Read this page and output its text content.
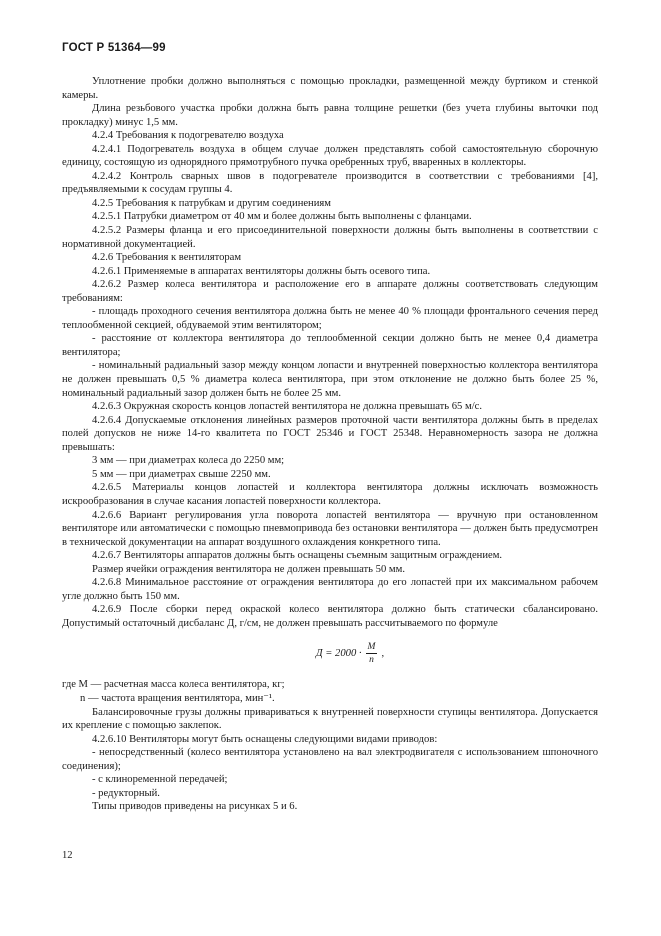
ГОСТ Р 51364—99

Уплотнение пробки должно выполняться с помощью прокладки, размещенной между буртиком и стенкой камеры.

Длина резьбового участка пробки должна быть равна толщине решетки (без учета глубины выточки под прокладку) минус 1,5 мм.

4.2.4 Требования к подогревателю воздуха

4.2.4.1 Подогреватель воздуха в общем случае должен представлять собой самостоятельную сборочную единицу, состоящую из однорядного прямотрубного пучка оребренных труб, вваренных в коллекторы.

4.2.4.2 Контроль сварных швов в подогревателе производится в соответствии с требованиями [4], предъявляемыми к сосудам группы 4.

4.2.5 Требования к патрубкам и другим соединениям

4.2.5.1 Патрубки диаметром от 40 мм и более должны быть выполнены с фланцами.

4.2.5.2 Размеры фланца и его присоединительной поверхности должны быть выполнены в соответствии с нормативной документацией.

4.2.6 Требования к вентиляторам

4.2.6.1 Применяемые в аппаратах вентиляторы должны быть осевого типа.

4.2.6.2 Размер колеса вентилятора и расположение его в аппарате должны соответствовать следующим требованиям:

- площадь проходного сечения вентилятора должна быть не менее 40 % площади фронтального сечения перед теплообменной секцией, обдуваемой этим вентилятором;

- расстояние от коллектора вентилятора до теплообменной секции должно быть не менее 0,4 диаметра вентилятора;

- номинальный радиальный зазор между концом лопасти и внутренней поверхностью коллектора вентилятора не должен превышать 0,5 % диаметра колеса вентилятора, при этом отклонение не должно быть более 25 %, номинальный радиальный зазор должен быть не более 25 мм.

4.2.6.3 Окружная скорость концов лопастей вентилятора не должна превышать 65 м/с.

4.2.6.4 Допускаемые отклонения линейных размеров проточной части вентилятора должны быть в пределах полей допусков не ниже 14-го квалитета по ГОСТ 25346 и ГОСТ 25348. Неравномерность зазора не должна превышать:

3 мм — при диаметрах колеса до 2250 мм;

5 мм — при диаметрах свыше 2250 мм.

4.2.6.5 Материалы концов лопастей и коллектора вентилятора должны исключать возможность искрообразования в случае касания лопастей поверхности коллектора.

4.2.6.6 Вариант регулирования угла поворота лопастей вентилятора — вручную при остановленном вентиляторе или автоматически с помощью пневмопривода без остановки вентилятора — должен быть предусмотрен в технической документации на аппарат воздушного охлаждения конкретного типа.

4.2.6.7 Вентиляторы аппаратов должны быть оснащены съемным защитным ограждением.

Размер ячейки ограждения вентилятора не должен превышать 50 мм.

4.2.6.8 Минимальное расстояние от ограждения вентилятора до его лопастей при их максимальном рабочем угле должно быть 150 мм.

4.2.6.9 После сборки перед окраской колесо вентилятора должно быть статически сбалансировано. Допустимый остаточный дисбаланс Д, г/см, не должен превышать рассчитываемого по формуле

$Д = 2000 \cdot \frac{М}{n}$ ,

где М — расчетная масса колеса вентилятора, кг;

n — частота вращения вентилятора, мин⁻¹.

Балансировочные грузы должны привариваться к внутренней поверхности ступицы вентилятора. Допускается их крепление с помощью заклепок.

4.2.6.10 Вентиляторы могут быть оснащены следующими видами приводов:

- непосредственный (колесо вентилятора установлено на вал электродвигателя с использованием шпоночного соединения);

- с клиноременной передачей;

- редукторный.

Типы приводов приведены на рисунках 5 и 6.

12
